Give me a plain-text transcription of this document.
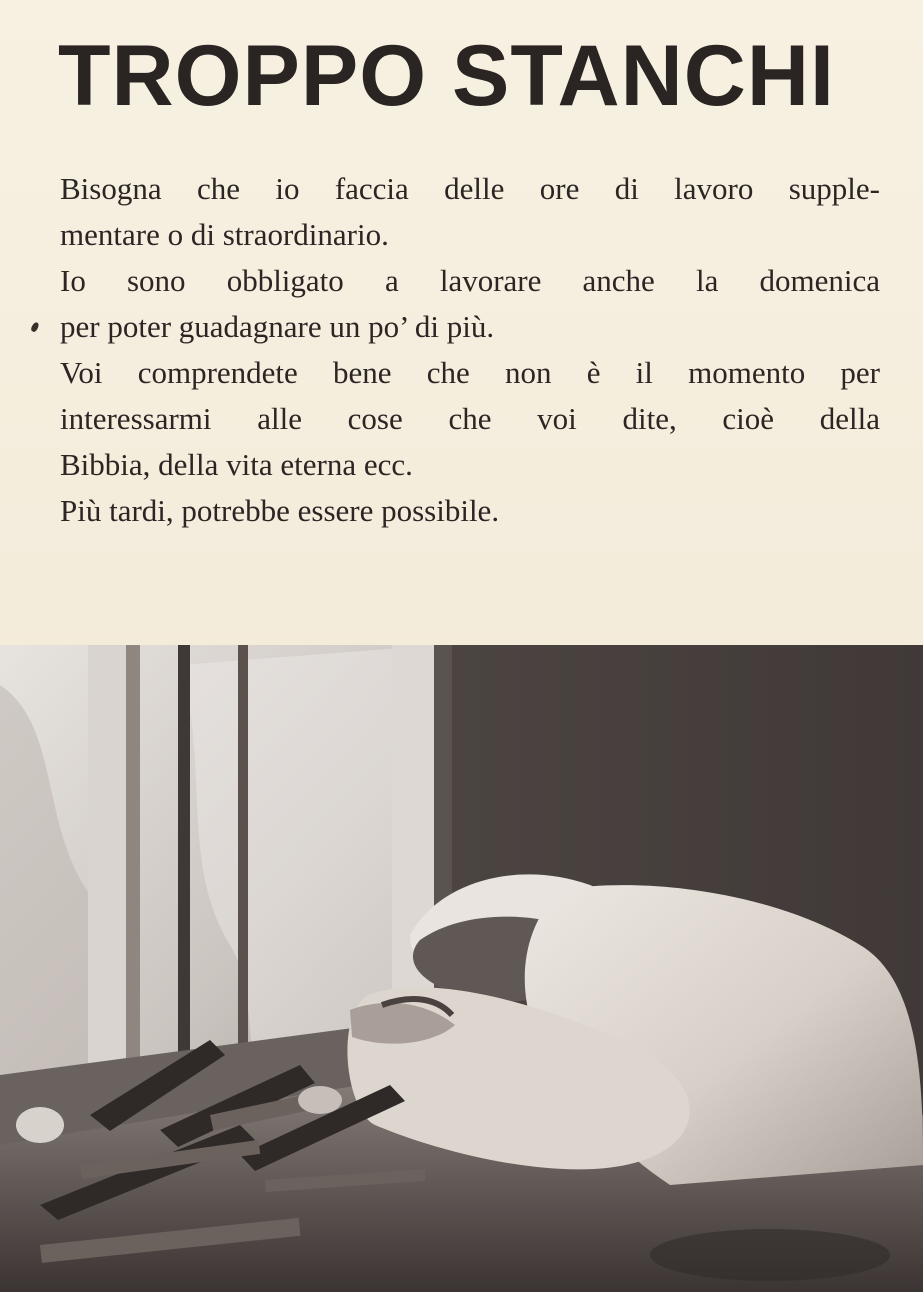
TROPPO STANCHI

Bisogna che io faccia delle ore di lavoro supple-

mentare o di straordinario.

Io sono obbligato a lavorare anche la domenica

per poter guadagnare un po’ di più.

Voi comprendete bene che non è il momento per

interessarmi alle cose che voi dite, cioè della

Bibbia, della vita eterna ecc.

Più tardi, potrebbe essere possibile.
